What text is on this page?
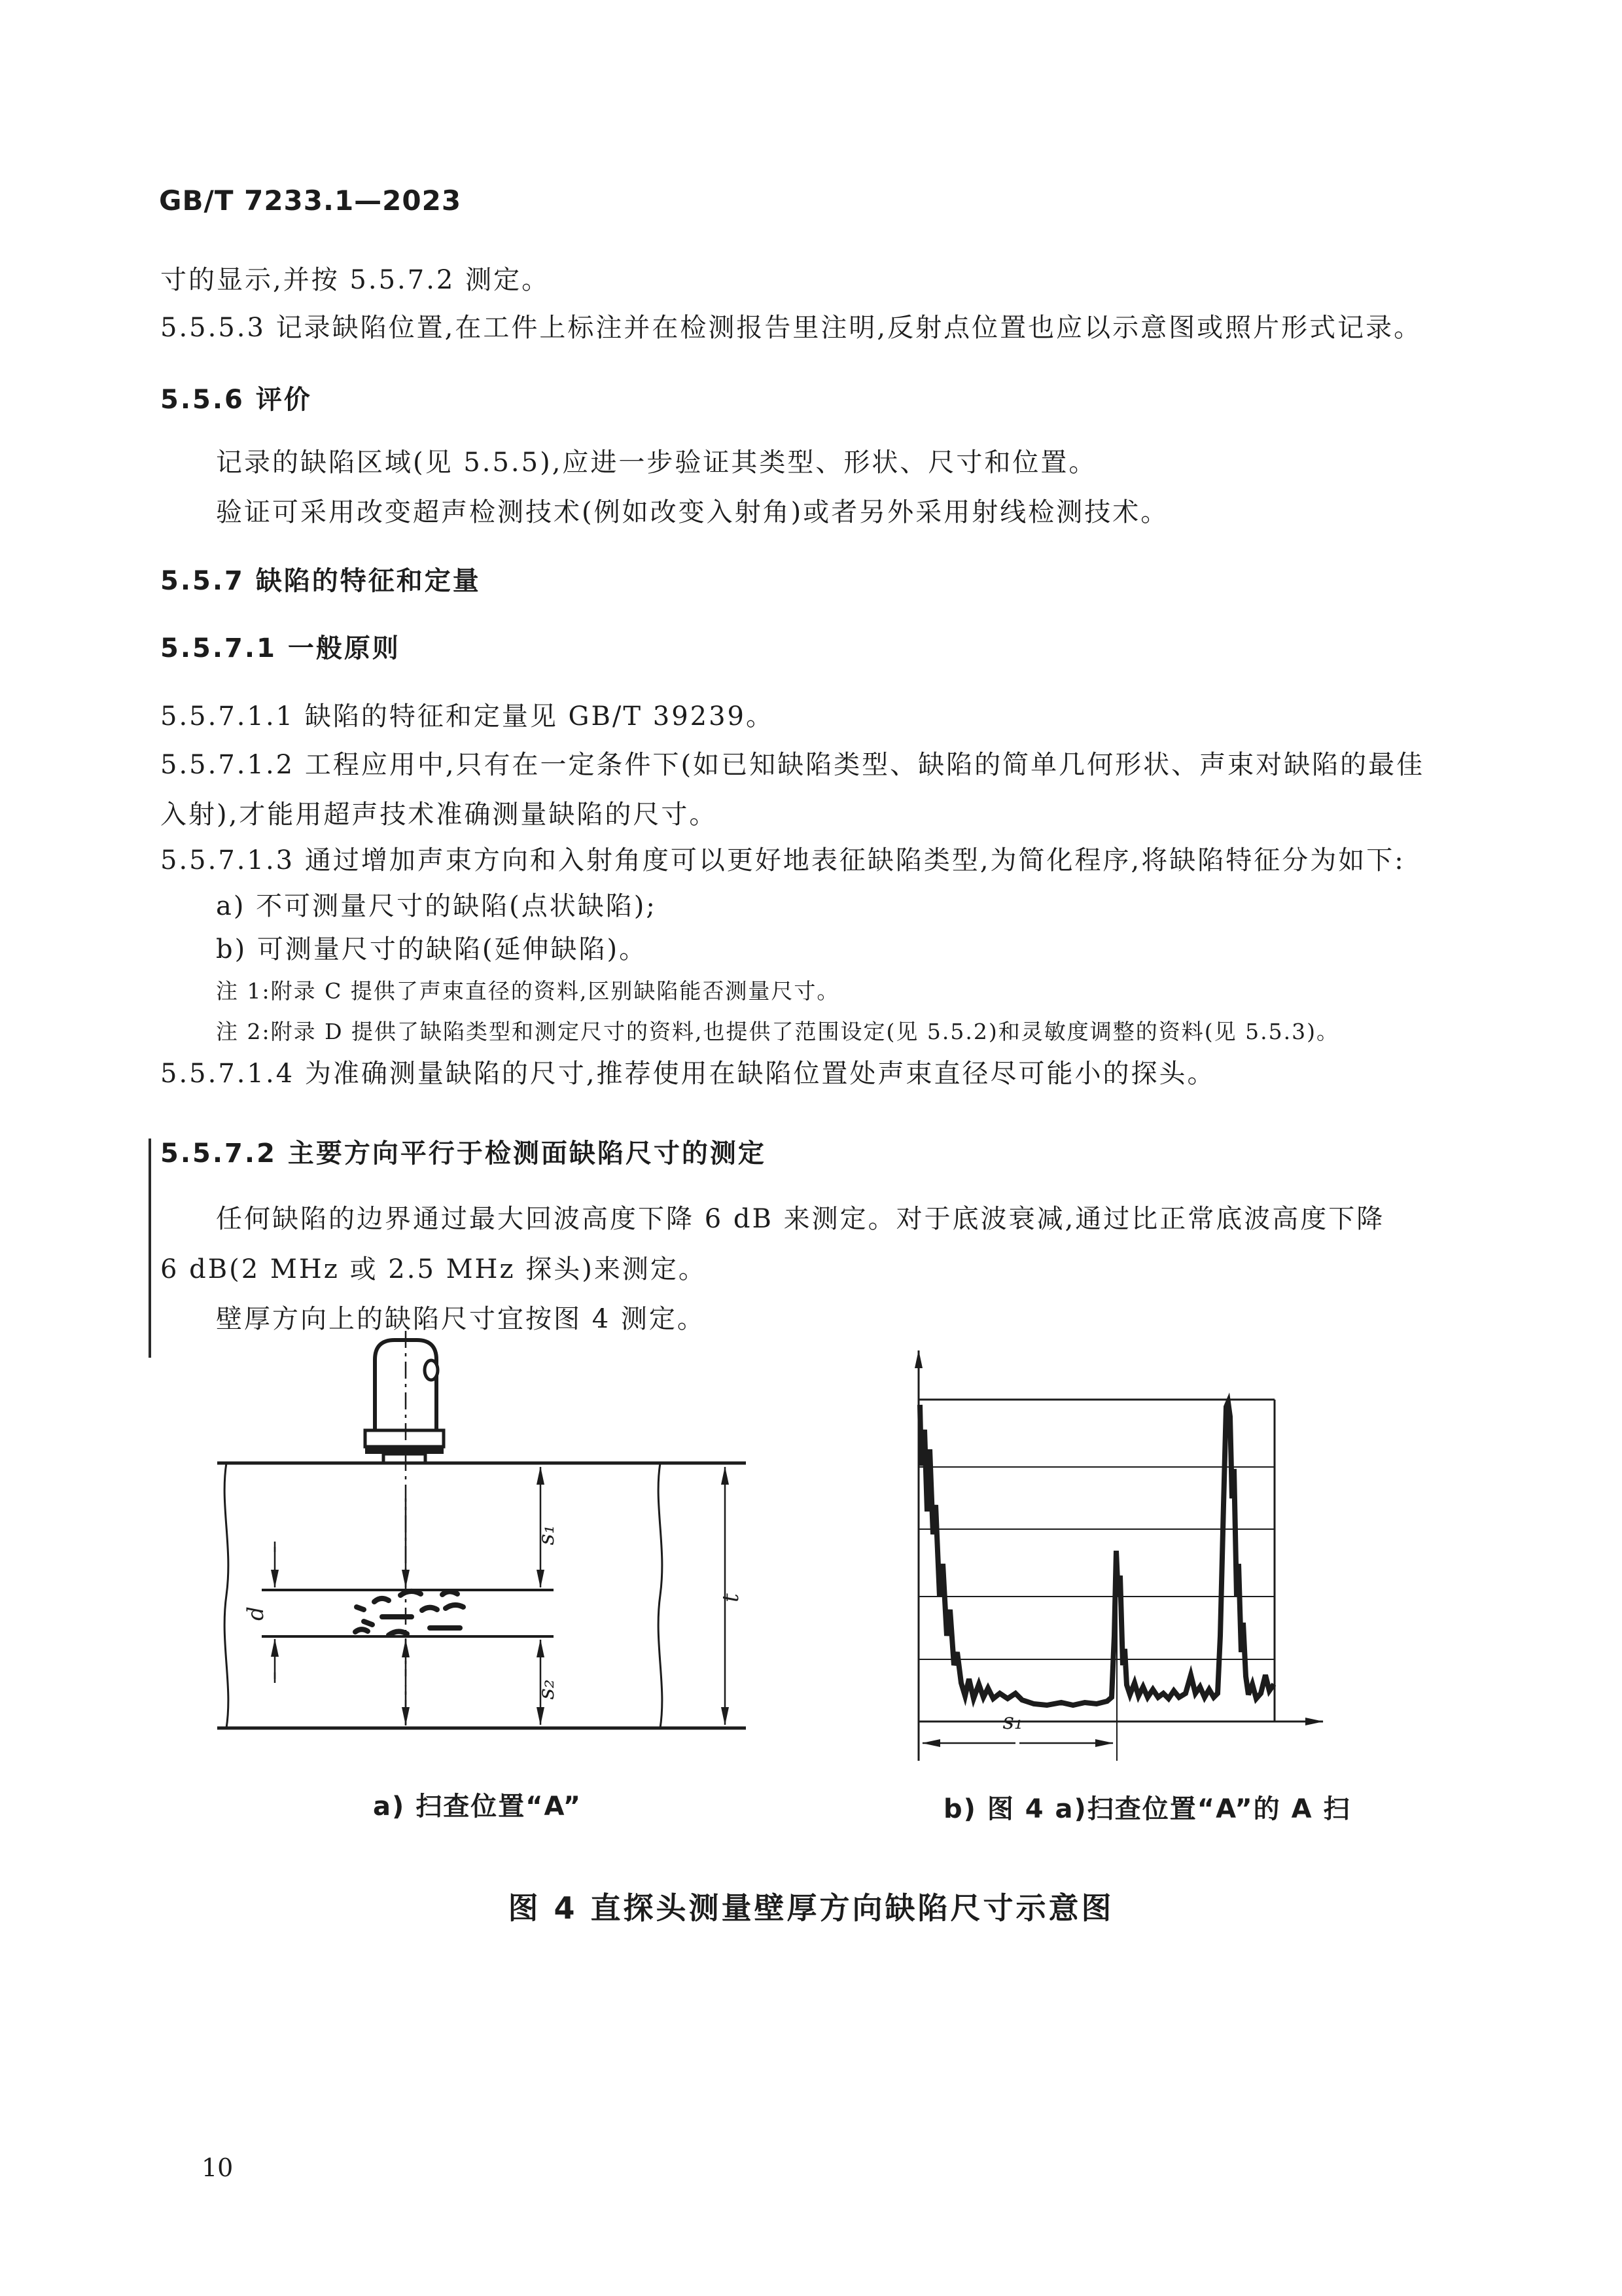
GB/T 7233.1—2023
寸的显示,并按 5.5.7.2 测定。
5.5.5.3 记录缺陷位置,在工件上标注并在检测报告里注明,反射点位置也应以示意图或照片形式记录。
5.5.6 评价
记录的缺陷区域(见 5.5.5),应进一步验证其类型、形状、尺寸和位置。
验证可采用改变超声检测技术(例如改变入射角)或者另外采用射线检测技术。
5.5.7 缺陷的特征和定量
5.5.7.1 一般原则
5.5.7.1.1 缺陷的特征和定量见 GB/T 39239。
5.5.7.1.2 工程应用中,只有在一定条件下(如已知缺陷类型、缺陷的简单几何形状、声束对缺陷的最佳
入射),才能用超声技术准确测量缺陷的尺寸。
5.5.7.1.3 通过增加声束方向和入射角度可以更好地表征缺陷类型,为简化程序,将缺陷特征分为如下:
a) 不可测量尺寸的缺陷(点状缺陷);
b) 可测量尺寸的缺陷(延伸缺陷)。
注 1:附录 C 提供了声束直径的资料,区别缺陷能否测量尺寸。
注 2:附录 D 提供了缺陷类型和测定尺寸的资料,也提供了范围设定(见 5.5.2)和灵敏度调整的资料(见 5.5.3)。
5.5.7.1.4 为准确测量缺陷的尺寸,推荐使用在缺陷位置处声束直径尽可能小的探头。
5.5.7.2 主要方向平行于检测面缺陷尺寸的测定
任何缺陷的边界通过最大回波高度下降 6 dB 来测定。对于底波衰减,通过比正常底波高度下降
6 dB(2 MHz 或 2.5 MHz 探头)来测定。
壁厚方向上的缺陷尺寸宜按图 4 测定。
s₁
s₂
d
t
s₁
a) 扫查位置“A”	b) 图 4 a)扫查位置“A”的 A 扫
图 4 直探头测量壁厚方向缺陷尺寸示意图
10
